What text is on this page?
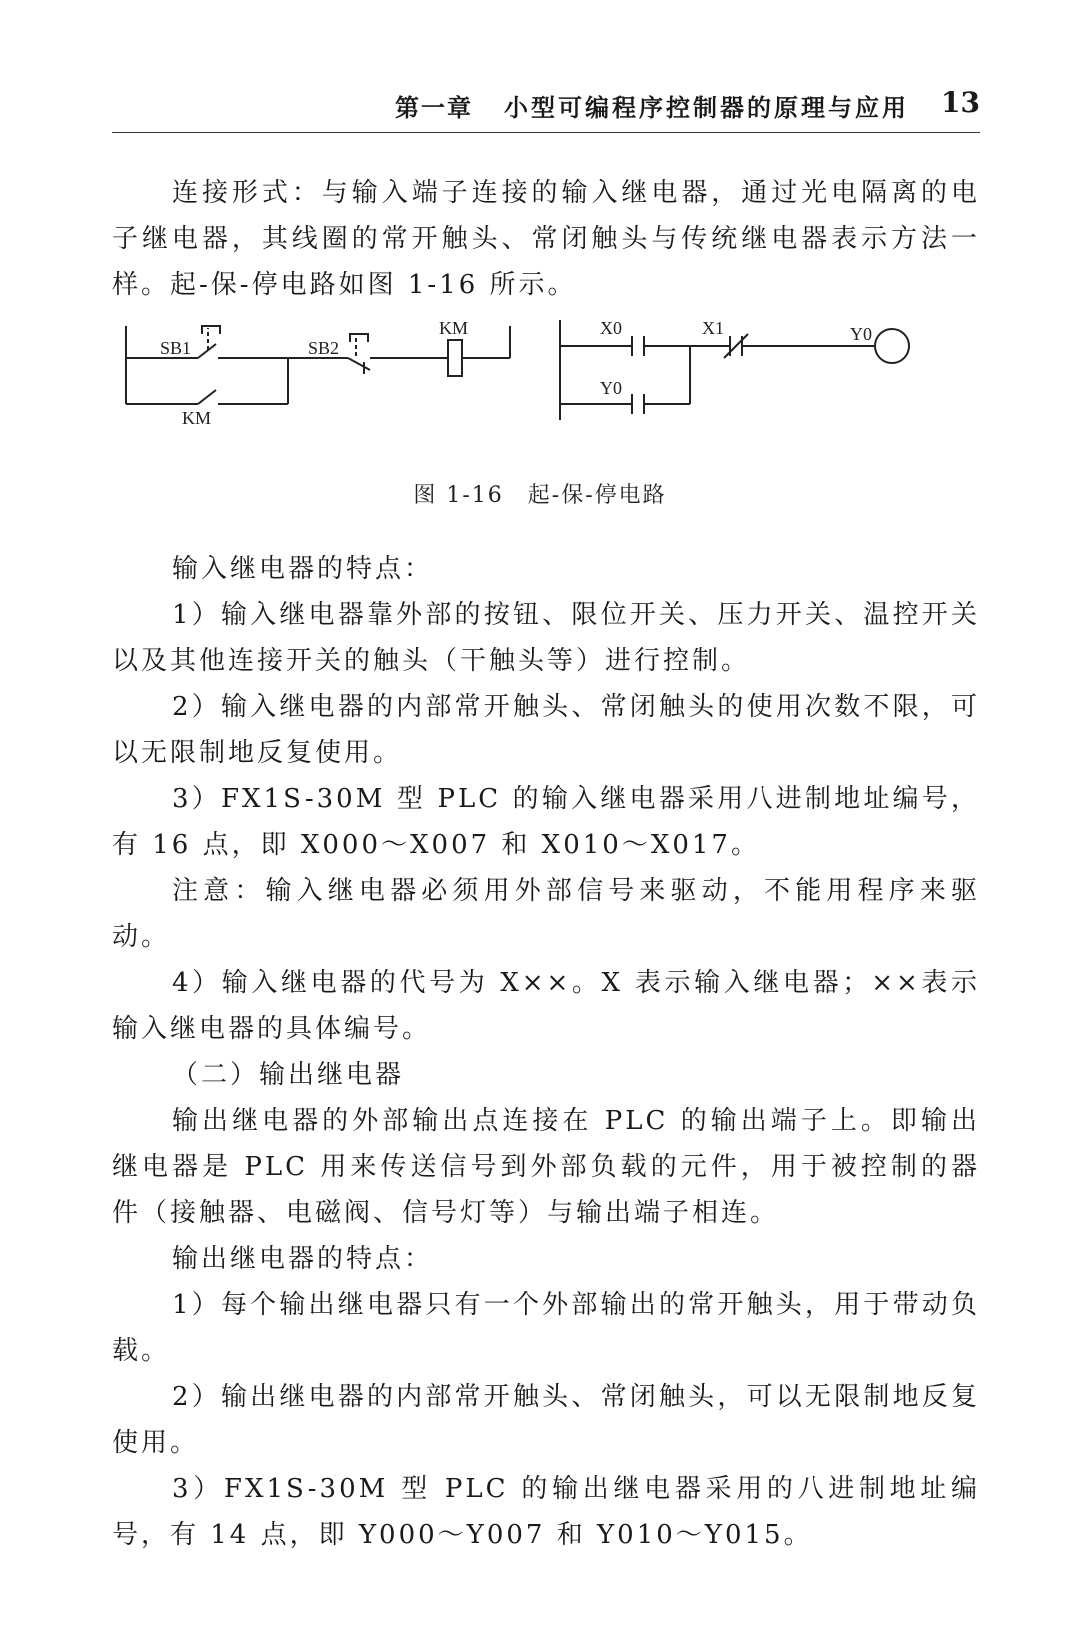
第一章 小型可编程序控制器的原理与应用 13

连接形式：与输入端子连接的输入继电器，通过光电隔离的电子继电器，其线圈的常开触头、常闭触头与传统继电器表示方法一样。起-保-停电路如图 1-16 所示。

SB1	SB2
KM
KM
X0	X1	Y0
Y0
图 1-16 起-保-停电路

输入继电器的特点：

1）输入继电器靠外部的按钮、限位开关、压力开关、温控开关以及其他连接开关的触头（干触头等）进行控制。

2）输入继电器的内部常开触头、常闭触头的使用次数不限，可以无限制地反复使用。

3）FX1S-30M 型 PLC 的输入继电器采用八进制地址编号，有 16 点，即 X000～X007 和 X010～X017。

注意：输入继电器必须用外部信号来驱动，不能用程序来驱动。

4）输入继电器的代号为 X××。X 表示输入继电器；××表示输入继电器的具体编号。

（二）输出继电器

输出继电器的外部输出点连接在 PLC 的输出端子上。即输出继电器是 PLC 用来传送信号到外部负载的元件，用于被控制的器件（接触器、电磁阀、信号灯等）与输出端子相连。

输出继电器的特点：

1）每个输出继电器只有一个外部输出的常开触头，用于带动负载。

2）输出继电器的内部常开触头、常闭触头，可以无限制地反复使用。

3）FX1S-30M 型 PLC 的输出继电器采用的八进制地址编号，有 14 点，即 Y000～Y007 和 Y010～Y015。
